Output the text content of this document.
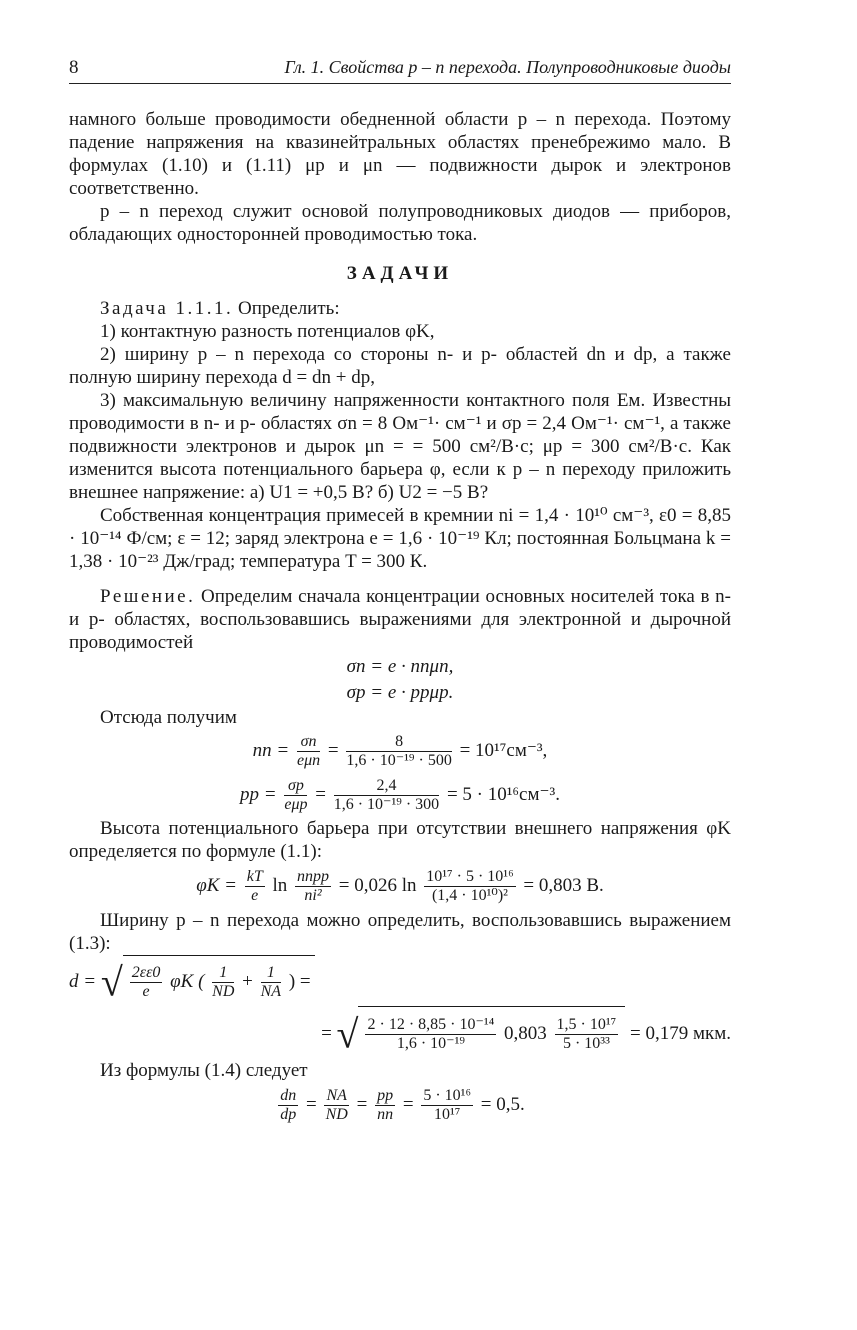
8	Гл. 1. Свойства p – n перехода. Полупроводниковые диоды

намного больше проводимости обедненной области p – n перехода. Поэтому падение напряжения на квазинейтральных областях пренебрежимо мало. В формулах (1.10) и (1.11) μp и μn — подвижности дырок и электронов соответственно.

p – n переход служит основой полупроводниковых диодов — приборов, обладающих односторонней проводимостью тока.

ЗАДАЧИ

Задача 1.1.1. Определить:

1) контактную разность потенциалов φK,

2) ширину p – n перехода со стороны n- и p- областей dn и dp, а также полную ширину перехода d = dn + dp,

3) максимальную величину напряженности контактного поля Eм. Известны проводимости в n- и p- областях σn = 8 Ом⁻¹· см⁻¹ и σp = 2,4 Ом⁻¹· см⁻¹, а также подвижности электронов и дырок μn = = 500 см²/В·с; μp = 300 см²/В·с. Как изменится высота потенциального барьера φ, если к p – n переходу приложить внешнее напряжение: а) U1 = +0,5 В? б) U2 = −5 В?

Собственная концентрация примесей в кремнии ni = 1,4 · 10¹⁰ см⁻³, ε0 = 8,85 · 10⁻¹⁴ Ф/см; ε = 12; заряд электрона e = 1,6 · 10⁻¹⁹ Кл; постоянная Больцмана k = 1,38 · 10⁻²³ Дж/град; температура T = 300 К.

Решение. Определим сначала концентрации основных носителей тока в n- и p- областях, воспользовавшись выражениями для электронной и дырочной проводимостей

σn = e · nnμn,

σp = e · ppμp.

Отсюда получим

nn = $\frac{\sigma n}{\text{eμn}} = \frac{8}{\text{1,6 · 10⁻¹⁹ · 500}} = 10^{17}см^{-3}$,
pp = $\frac{\sigma p}{\text{eμp}} = \frac{2,4}{\text{1,6 · 10⁻¹⁹ · 300}} = 5 \cdot 10^{16}см^{-3}$.

Высота потенциального барьера при отсутствии внешнего напряжения φK определяется по формуле (1.1):

$\varphi K = \frac{kT}{e}$ $\ln \frac{\text{nnpp}}{\text{ni²}} = 0,026$ $\ln \frac{\text{10¹⁷ · 5 · 10¹⁶}}{\text{(1,4 · 10¹⁰)²}} = 0,803$ В.

Ширину p – n перехода можно определить, воспользовавшись выражением (1.3):

d = √ $\frac{2\varepsilon\varepsilon 0}{e}$ φK ( $\frac{1}{ND} + \frac{1}{NA}$ ) =
= √ $\frac{\text{2 · 12 · 8,85 · 10⁻¹⁴}}{\text{1,6 · 10⁻¹⁹}} 0,803 \frac{\text{1,5 · 10¹⁷}}{\text{5 · 10³³}} = 0,179$ мкм.

Из формулы (1.4) следует

$\frac{dn}{dp} = \frac{NA}{ND} = \frac{pp}{nn} = \frac{\text{5 · 10¹⁶}}{\text{10¹⁷}} = 0,5$.
